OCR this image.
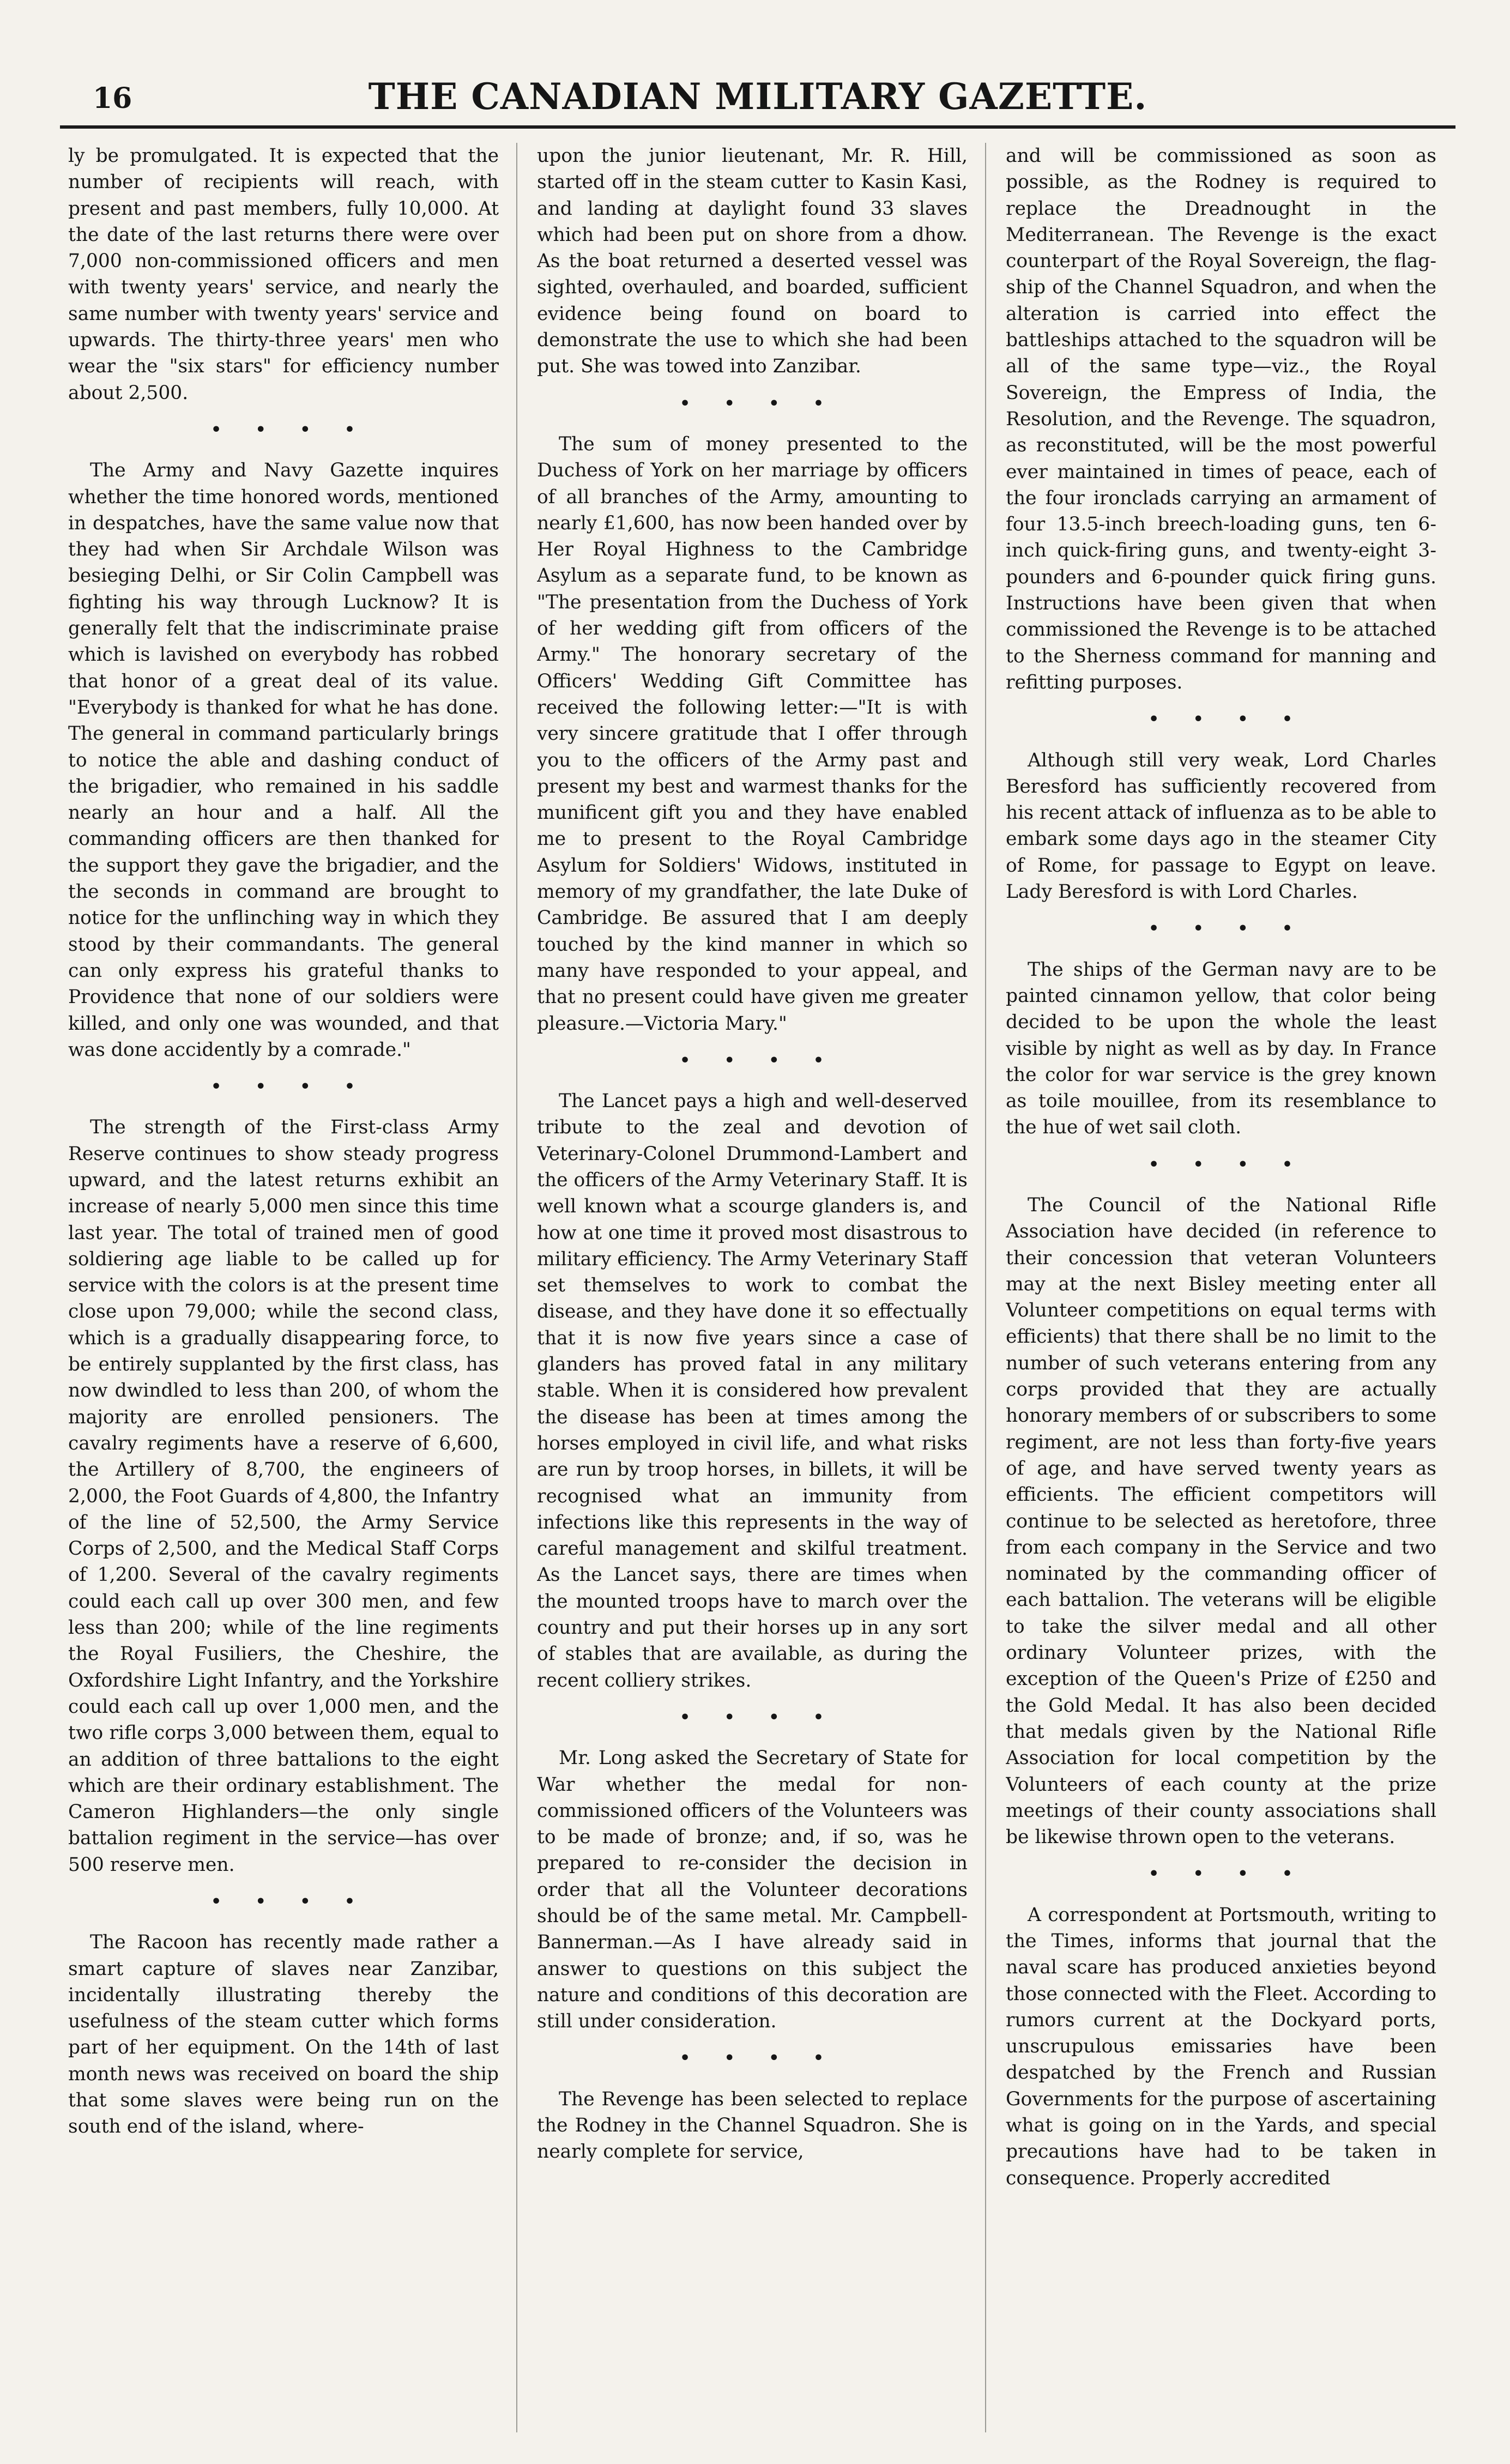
16	THE CANADIAN MILITARY GAZETTE.

ly be promulgated. It is expected that the number of recipients will reach, with present and past members, fully 10,000. At the date of the last returns there were over 7,000 non-commissioned officers and men with twenty years' service, and nearly the same number with twenty years' service and upwards. The thirty-three years' men who wear the "six stars" for efficiency number about 2,500.

• • • •

The Army and Navy Gazette inquires whether the time honored words, mentioned in despatches, have the same value now that they had when Sir Archdale Wilson was besieging Delhi, or Sir Colin Campbell was fighting his way through Lucknow? It is generally felt that the indiscriminate praise which is lavished on everybody has robbed that honor of a great deal of its value. "Everybody is thanked for what he has done. The general in command particularly brings to notice the able and dashing conduct of the brigadier, who remained in his saddle nearly an hour and a half. All the commanding officers are then thanked for the support they gave the brigadier, and the the seconds in command are brought to notice for the unflinching way in which they stood by their commandants. The general can only express his grateful thanks to Providence that none of our soldiers were killed, and only one was wounded, and that was done accidently by a comrade."

• • • •

The strength of the First-class Army Reserve continues to show steady progress upward, and the latest returns exhibit an increase of nearly 5,000 men since this time last year. The total of trained men of good soldiering age liable to be called up for service with the colors is at the present time close upon 79,000; while the second class, which is a gradually disappearing force, to be entirely supplanted by the first class, has now dwindled to less than 200, of whom the majority are enrolled pensioners. The cavalry regiments have a reserve of 6,600, the Artillery of 8,700, the engineers of 2,000, the Foot Guards of 4,800, the Infantry of the line of 52,500, the Army Service Corps of 2,500, and the Medical Staff Corps of 1,200. Several of the cavalry regiments could each call up over 300 men, and few less than 200; while of the line regiments the Royal Fusiliers, the Cheshire, the Oxfordshire Light Infantry, and the Yorkshire could each call up over 1,000 men, and the two rifle corps 3,000 between them, equal to an addition of three battalions to the eight which are their ordinary establishment. The Cameron Highlanders—the only single battalion regiment in the service—has over 500 reserve men.

• • • •

The Racoon has recently made rather a smart capture of slaves near Zanzibar, incidentally illustrating thereby the usefulness of the steam cutter which forms part of her equipment. On the 14th of last month news was received on board the ship that some slaves were being run on the south end of the island, where-

upon the junior lieutenant, Mr. R. Hill, started off in the steam cutter to Kasin Kasi, and landing at daylight found 33 slaves which had been put on shore from a dhow. As the boat returned a deserted vessel was sighted, overhauled, and boarded, sufficient evidence being found on board to demonstrate the use to which she had been put. She was towed into Zanzibar.

• • • •

The sum of money presented to the Duchess of York on her marriage by officers of all branches of the Army, amounting to nearly £1,600, has now been handed over by Her Royal Highness to the Cambridge Asylum as a separate fund, to be known as "The presentation from the Duchess of York of her wedding gift from officers of the Army." The honorary secretary of the Officers' Wedding Gift Committee has received the following letter:—"It is with very sincere gratitude that I offer through you to the officers of the Army past and present my best and warmest thanks for the munificent gift you and they have enabled me to present to the Royal Cambridge Asylum for Soldiers' Widows, instituted in memory of my grandfather, the late Duke of Cambridge. Be assured that I am deeply touched by the kind manner in which so many have responded to your appeal, and that no present could have given me greater pleasure.—Victoria Mary."

• • • •

The Lancet pays a high and well-deserved tribute to the zeal and devotion of Veterinary-Colonel Drummond-Lambert and the officers of the Army Veterinary Staff. It is well known what a scourge glanders is, and how at one time it proved most disastrous to military efficiency. The Army Veterinary Staff set themselves to work to combat the disease, and they have done it so effectually that it is now five years since a case of glanders has proved fatal in any military stable. When it is considered how prevalent the disease has been at times among the horses employed in civil life, and what risks are run by troop horses, in billets, it will be recognised what an immunity from infections like this represents in the way of careful management and skilful treatment. As the Lancet says, there are times when the mounted troops have to march over the country and put their horses up in any sort of stables that are available, as during the recent colliery strikes.

• • • •

Mr. Long asked the Secretary of State for War whether the medal for non-commissioned officers of the Volunteers was to be made of bronze; and, if so, was he prepared to re-consider the decision in order that all the Volunteer decorations should be of the same metal. Mr. Campbell-Bannerman.—As I have already said in answer to questions on this subject the nature and conditions of this decoration are still under consideration.

• • • •

The Revenge has been selected to replace the Rodney in the Channel Squadron. She is nearly complete for service,

and will be commissioned as soon as possible, as the Rodney is required to replace the Dreadnought in the Mediterranean. The Revenge is the exact counterpart of the Royal Sovereign, the flag-ship of the Channel Squadron, and when the alteration is carried into effect the battleships attached to the squadron will be all of the same type—viz., the Royal Sovereign, the Empress of India, the Resolution, and the Revenge. The squadron, as reconstituted, will be the most powerful ever maintained in times of peace, each of the four ironclads carrying an armament of four 13.5-inch breech-loading guns, ten 6-inch quick-firing guns, and twenty-eight 3-pounders and 6-pounder quick firing guns. Instructions have been given that when commissioned the Revenge is to be attached to the Sherness command for manning and refitting purposes.

• • • •

Although still very weak, Lord Charles Beresford has sufficiently recovered from his recent attack of influenza as to be able to embark some days ago in the steamer City of Rome, for passage to Egypt on leave. Lady Beresford is with Lord Charles.

• • • •

The ships of the German navy are to be painted cinnamon yellow, that color being decided to be upon the whole the least visible by night as well as by day. In France the color for war service is the grey known as toile mouillee, from its resemblance to the hue of wet sail cloth.

• • • •

The Council of the National Rifle Association have decided (in reference to their concession that veteran Volunteers may at the next Bisley meeting enter all Volunteer competitions on equal terms with efficients) that there shall be no limit to the number of such veterans entering from any corps provided that they are actually honorary members of or subscribers to some regiment, are not less than forty-five years of age, and have served twenty years as efficients. The efficient competitors will continue to be selected as heretofore, three from each company in the Service and two nominated by the commanding officer of each battalion. The veterans will be eligible to take the silver medal and all other ordinary Volunteer prizes, with the exception of the Queen's Prize of £250 and the Gold Medal. It has also been decided that medals given by the National Rifle Association for local competition by the Volunteers of each county at the prize meetings of their county associations shall be likewise thrown open to the veterans.

• • • •

A correspondent at Portsmouth, writing to the Times, informs that journal that the naval scare has produced anxieties beyond those connected with the Fleet. According to rumors current at the Dockyard ports, unscrupulous emissaries have been despatched by the French and Russian Governments for the purpose of ascertaining what is going on in the Yards, and special precautions have had to be taken in consequence. Properly accredited
